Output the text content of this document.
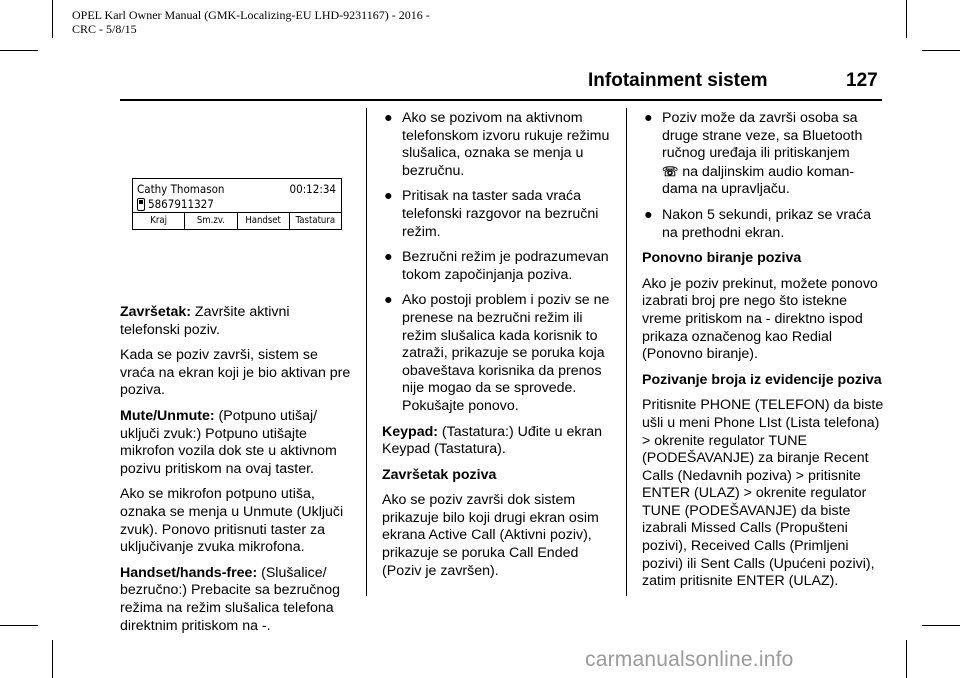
OPEL Karl Owner Manual (GMK-Localizing-EU LHD-9231167) - 2016 -
CRC - 5/8/15
Infotainment sistem	127
Cathy Thomason	00:12:34
5867911327
Kraj	Sm.zv.	Handset	Tastatura

Završetak: Završite aktivni telefonski poziv.

Kada se poziv završi, sistem se vraća na ekran koji je bio aktivan pre poziva.

Mute/Unmute: (Potpuno utišaj/ uključi zvuk:) Potpuno utišajte mikrofon vozila dok ste u aktivnom pozivu pritiskom na ovaj taster.

Ako se mikrofon potpuno utiša, oznaka se menja u Unmute (Uključi zvuk). Ponovo pritisnuti taster za uključivanje zvuka mikrofona.

Handset/hands-free: (Slušalice/ bezručno:) Prebacite sa bezručnog režima na režim slušalica telefona direktnim pritiskom na -.

● Ako se pozivom na aktivnom telefonskom izvoru rukuje režimu slušalica, oznaka se menja u bezručnu.
● Pritisak na taster sada vraća telefonski razgovor na bezručni režim.
● Bezručni režim je podrazumevan tokom započinjanja poziva.
● Ako postoji problem i poziv se ne prenese na bezručni režim ili režim slušalica kada korisnik to zatraži, prikazuje se poruka koja obaveštava korisnika da prenos nije mogao da se sprovede. Pokušajte ponovo.

Keypad: (Tastatura:) Uđite u ekran Keypad (Tastatura).

Završetak poziva

Ako se poziv završi dok sistem prikazuje bilo koji drugi ekran osim ekrana Active Call (Aktivni poziv), prikazuje se poruka Call Ended (Poziv je završen).

● Poziv može da završi osoba sa druge strane veze, sa Bluetooth ručnog uređaja ili pritiskanjem
☏ na daljinskim audio koman- dama na upravljaču.
● Nakon 5 sekundi, prikaz se vraća na prethodni ekran.
Ponovno biranje poziva

Ako je poziv prekinut, možete ponovo izabrati broj pre nego što istekne vreme pritiskom na - direktno ispod prikaza označenog kao Redial (Ponovno biranje).

Pozivanje broja iz evidencije poziva

Pritisnite PHONE (TELEFON) da biste ušli u meni Phone LIst (Lista telefona) > okrenite regulator TUNE (PODEŠAVANJE) za biranje Recent Calls (Nedavnih poziva) > pritisnite ENTER (ULAZ) > okrenite regulator TUNE (PODEŠAVANJE) da biste izabrali Missed Calls (Propušteni pozivi), Received Calls (Primljeni pozivi) ili Sent Calls (Upućeni pozivi), zatim pritisnite ENTER (ULAZ).

carmanualsonline.info
